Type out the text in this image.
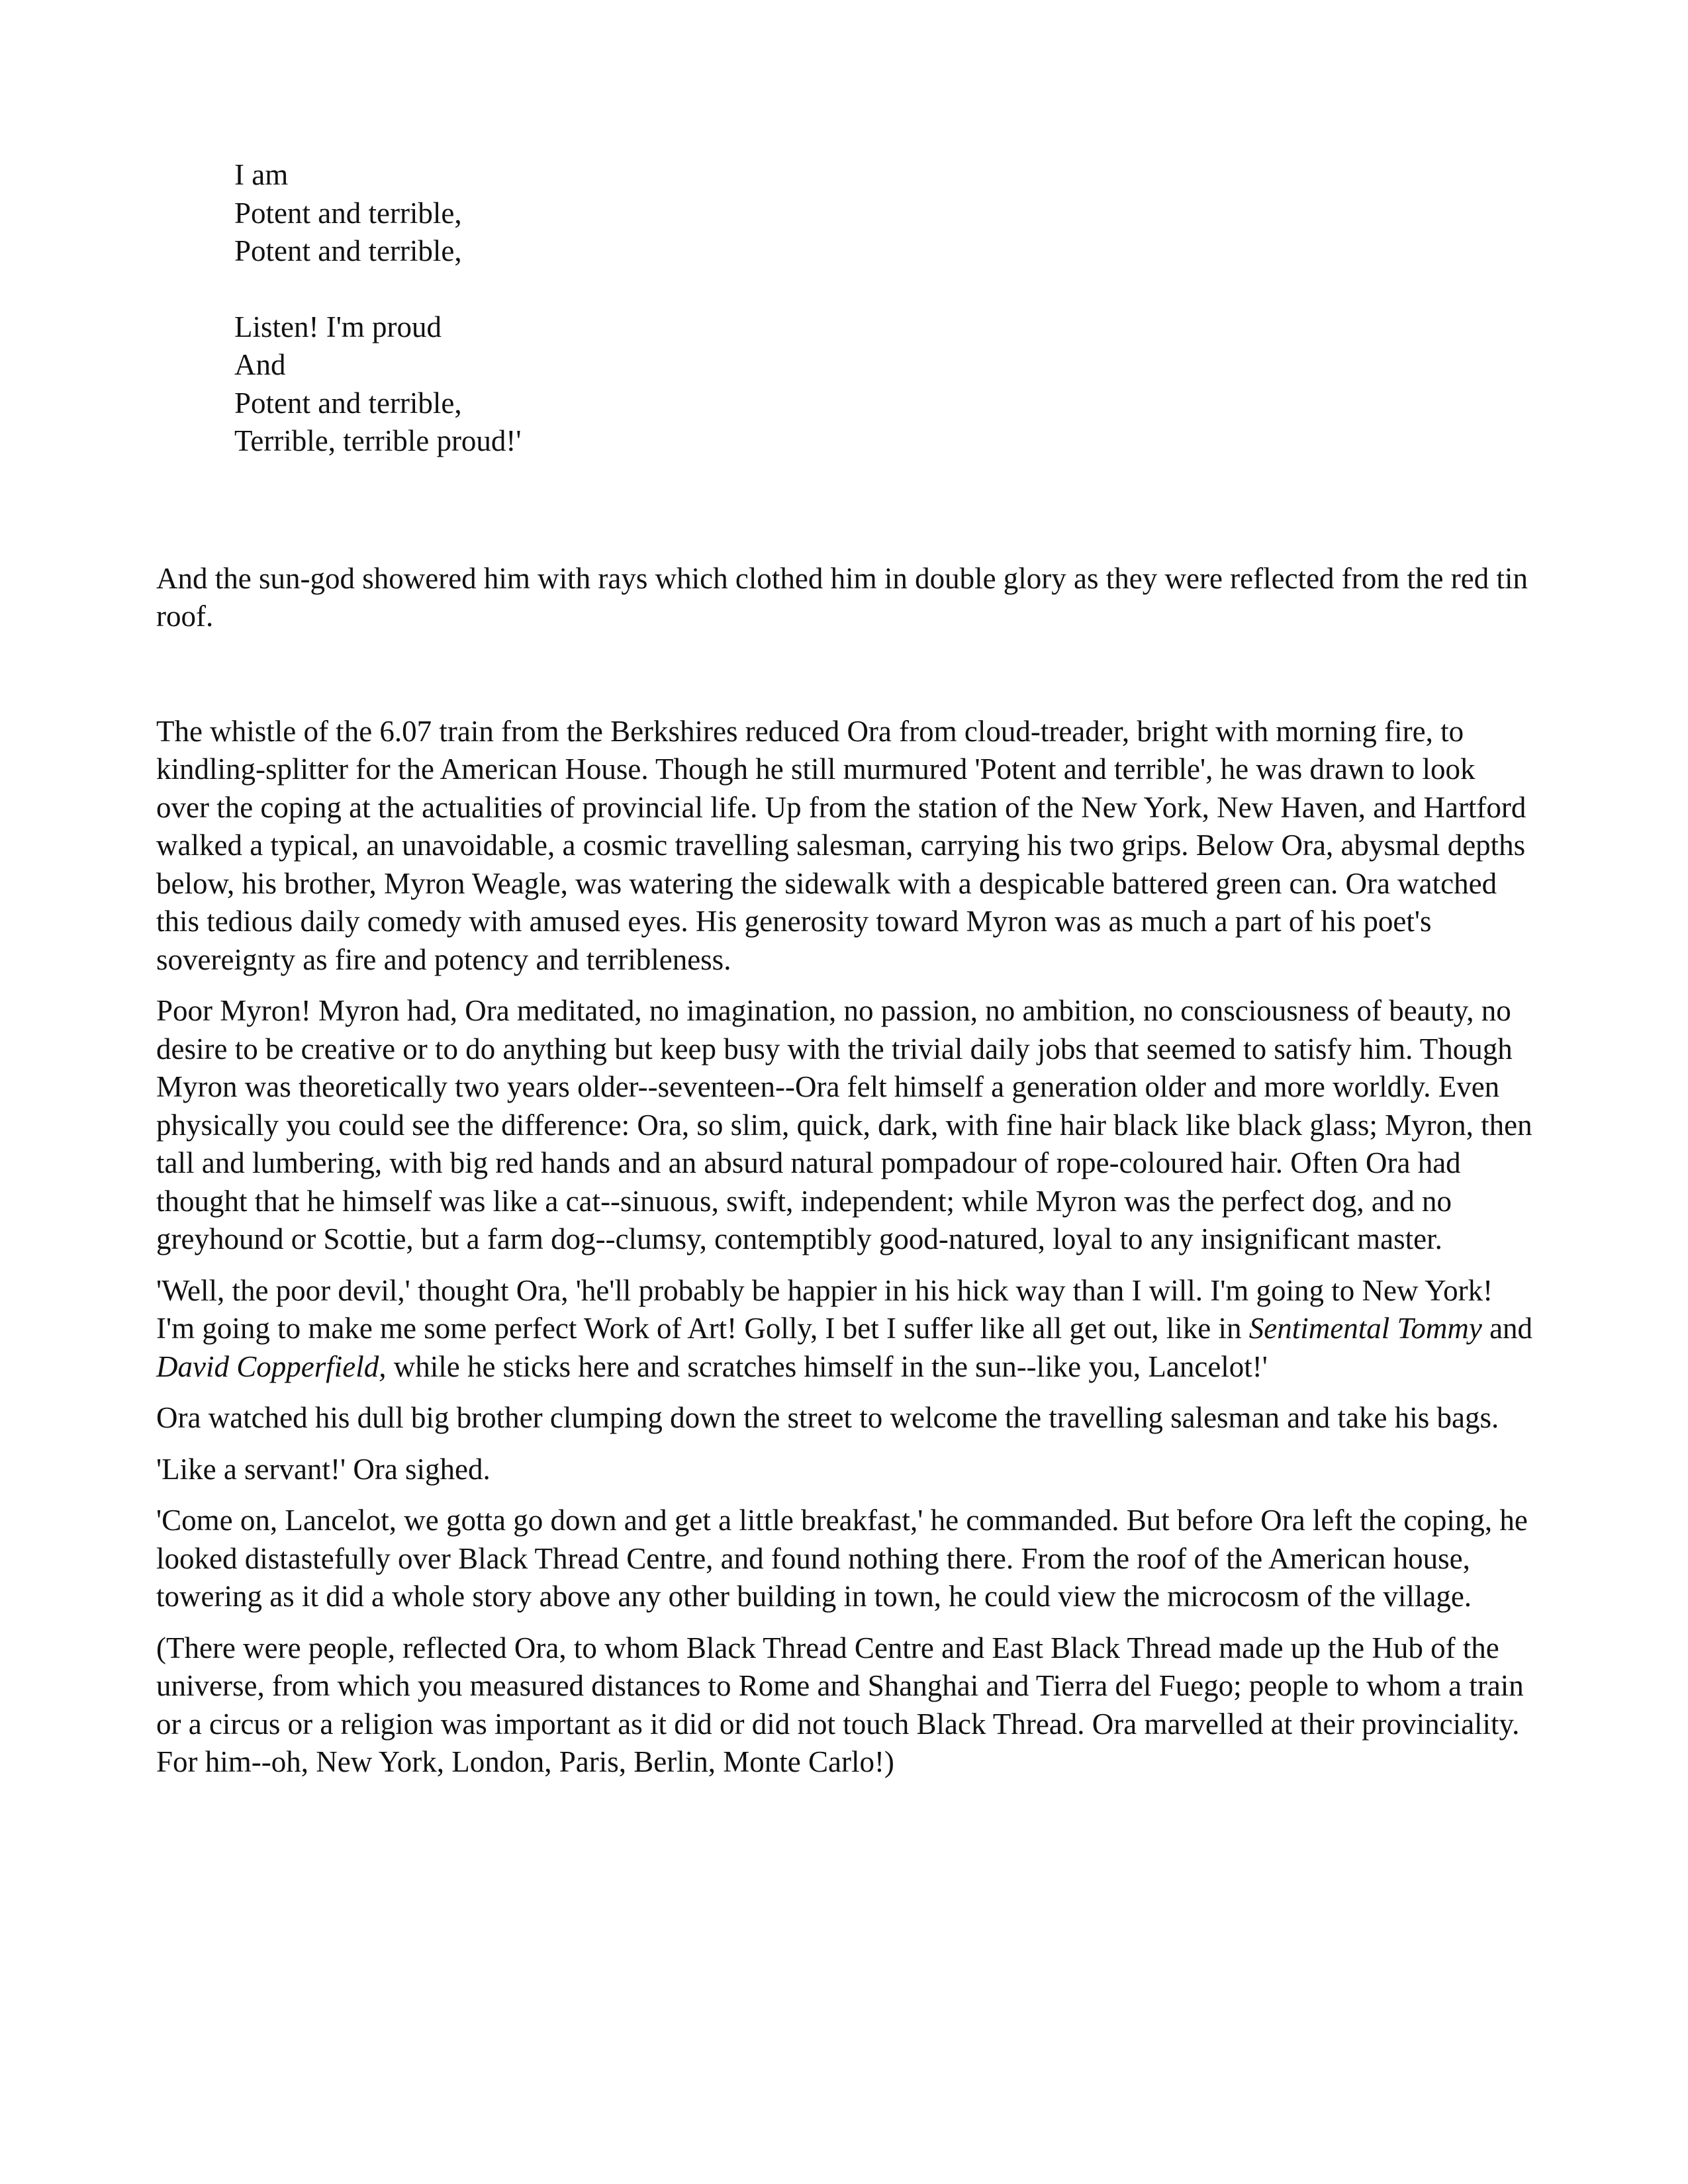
I am
Potent and terrible,
Potent and terrible,

Listen! I'm proud
And
Potent and terrible,
Terrible, terrible proud!'

And the sun-god showered him with rays which clothed him in double glory as they were reflected from the red tin roof.

The whistle of the 6.07 train from the Berkshires reduced Ora from cloud-treader, bright with morning fire, to kindling-splitter for the American House. Though he still murmured 'Potent and terrible', he was drawn to look over the coping at the actualities of provincial life. Up from the station of the New York, New Haven, and Hartford walked a typical, an unavoidable, a cosmic travelling salesman, carrying his two grips. Below Ora, abysmal depths below, his brother, Myron Weagle, was watering the sidewalk with a despicable battered green can. Ora watched this tedious daily comedy with amused eyes. His generosity toward Myron was as much a part of his poet's sovereignty as fire and potency and terribleness.

Poor Myron! Myron had, Ora meditated, no imagination, no passion, no ambition, no consciousness of beauty, no desire to be creative or to do anything but keep busy with the trivial daily jobs that seemed to satisfy him. Though Myron was theoretically two years older--seventeen--Ora felt himself a generation older and more worldly. Even physically you could see the difference: Ora, so slim, quick, dark, with fine hair black like black glass; Myron, then tall and lumbering, with big red hands and an absurd natural pompadour of rope-coloured hair. Often Ora had thought that he himself was like a cat--sinuous, swift, independent; while Myron was the perfect dog, and no greyhound or Scottie, but a farm dog--clumsy, contemptibly good-natured, loyal to any insignificant master.

'Well, the poor devil,' thought Ora, 'he'll probably be happier in his hick way than I will. I'm going to New York! I'm going to make me some perfect Work of Art! Golly, I bet I suffer like all get out, like in Sentimental Tommy and David Copperfield, while he sticks here and scratches himself in the sun--like you, Lancelot!'

Ora watched his dull big brother clumping down the street to welcome the travelling salesman and take his bags.

'Like a servant!' Ora sighed.

'Come on, Lancelot, we gotta go down and get a little breakfast,' he commanded. But before Ora left the coping, he looked distastefully over Black Thread Centre, and found nothing there. From the roof of the American house, towering as it did a whole story above any other building in town, he could view the microcosm of the village.

(There were people, reflected Ora, to whom Black Thread Centre and East Black Thread made up the Hub of the universe, from which you measured distances to Rome and Shanghai and Tierra del Fuego; people to whom a train or a circus or a religion was important as it did or did not touch Black Thread. Ora marvelled at their provinciality. For him--oh, New York, London, Paris, Berlin, Monte Carlo!)
